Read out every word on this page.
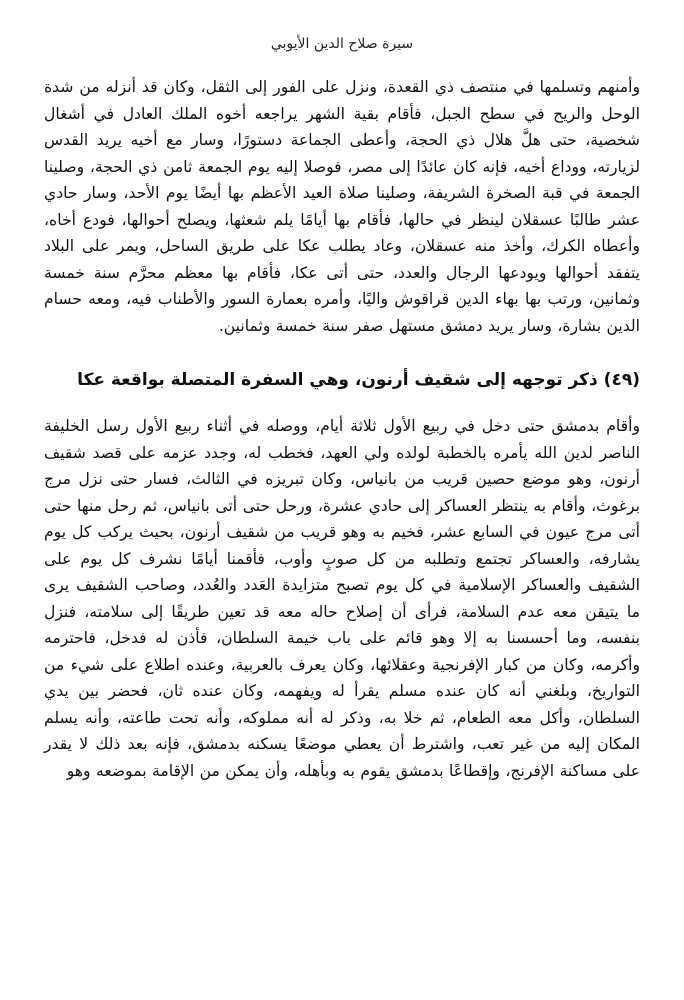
سيرة صلاح الدين الأيوبي

وأمنهم وتسلمها في منتصف ذي القعدة، ونزل على الفور إلى الثقل، وكان قد أنزله من شدة الوحل والريح في سطح الجبل، فأقام بقية الشهر يراجعه أخوه الملك العادل في أشغال شخصية، حتى هلَّ هلال ذي الحجة، وأعطى الجماعة دستورًا، وسار مع أخيه يريد القدس لزيارته، ووداع أخيه، فإنه كان عائدًا إلى مصر، فوصلا إليه يوم الجمعة ثامن ذي الحجة، وصلينا الجمعة في قبة الصخرة الشريفة، وصلينا صلاة العيد الأعظم بها أيضًا يوم الأحد، وسار حادي عشر طالبًا عسقلان لينظر في حالها، فأقام بها أيامًا يلم شعثها، ويصلح أحوالها، فودع أخاه، وأعطاه الكرك، وأخذ منه عسقلان، وعاد يطلب عكا على طريق الساحل، ويمر على البلاد يتفقد أحوالها ويودعها الرجال والعدد، حتى أتى عكا، فأقام بها معظم محرَّم سنة خمسة وثمانين، ورتب بها بهاء الدين قراقوش واليًا، وأمره بعمارة السور والأطناب فيه، ومعه حسام الدين بشارة، وسار يريد دمشق مستهل صفر سنة خمسة وثمانين.

(٤٩) ذكر توجهه إلى شقيف أرنون، وهي السفرة المتصلة بواقعة عكا

وأقام بدمشق حتى دخل في ربيع الأول ثلاثة أيام، ووصله في أثناء ربيع الأول رسل الخليفة الناصر لدين الله يأمره بالخطبة لولده ولي العهد، فخطب له، وجدد عزمه على قصد شقيف أرنون، وهو موضع حصين قريب من بانياس، وكان تبريزه في الثالث، فسار حتى نزل مرج برغوث، وأقام به ينتظر العساكر إلى حادي عشرة، ورحل حتى أتى بانياس، ثم رحل منها حتى أتى مرج عيون في السابع عشر، فخيم به وهو قريب من شقيف أرنون، بحيث يركب كل يوم يشارفه، والعساكر تجتمع وتطلبه من كل صوبٍ وأوب، فأقمنا أيامًا نشرف كل يوم على الشقيف والعساكر الإسلامية في كل يوم تصبح متزايدة العَدد والعُدد، وصاحب الشقيف يرى ما يتيقن معه عدم السلامة، فرأى أن إصلاح حاله معه قد تعين طريقًا إلى سلامته، فنزل بنفسه، وما أحسسنا به إلا وهو قائم على باب خيمة السلطان، فأذن له فدخل، فاحترمه وأكرمه، وكان من كبار الإفرنجية وعقلائها، وكان يعرف بالعربية، وعنده اطلاع على شيء من التواريخ، وبلغني أنه كان عنده مسلم يقرأ له ويفهمه، وكان عنده ثان، فحضر بين يدي السلطان، وأكل معه الطعام، ثم خلا به، وذكر له أنه مملوكه، وأنه تحت طاعته، وأنه يسلم المكان إليه من غير تعب، واشترط أن يعطي موضعًا يسكنه بدمشق، فإنه بعد ذلك لا يقدر على مساكنة الإفرنج، وإقطاعًا بدمشق يقوم به وبأهله، وأن يمكن من الإقامة بموضعه وهو
